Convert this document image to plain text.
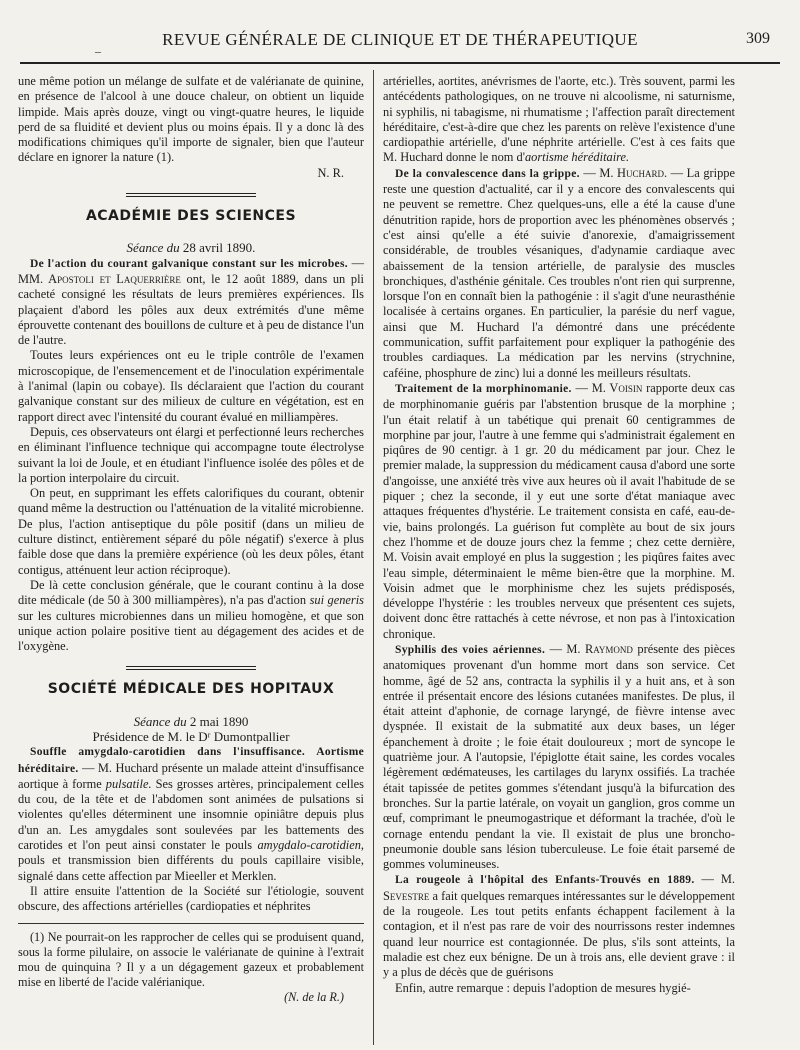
–
REVUE GÉNÉRALE DE CLINIQUE ET DE THÉRAPEUTIQUE	309

une même potion un mélange de sulfate et de valérianate de quinine, en présence de l'alcool à une douce chaleur, on obtient un liquide limpide. Mais après douze, vingt ou vingt-quatre heures, le liquide perd de sa fluidité et devient plus ou moins épais. Il y a donc là des modifications chimiques qu'il importe de signaler, bien que l'auteur déclare en ignorer la nature (1).

N. R.

ACADÉMIE DES SCIENCES

Séance du 28 avril 1890.

De l'action du courant galvanique constant sur les microbes. — MM. Apostoli et Laquerrière ont, le 12 août 1889, dans un pli cacheté consigné les résultats de leurs premières expériences. Ils plaçaient d'abord les pôles aux deux extrémités d'une même éprouvette contenant des bouillons de culture et à peu de distance l'un de l'autre.

Toutes leurs expériences ont eu le triple contrôle de l'examen microscopique, de l'ensemencement et de l'inoculation expérimentale à l'animal (lapin ou cobaye). Ils déclaraient que l'action du courant galvanique constant sur des milieux de culture en végétation, est en rapport direct avec l'intensité du courant évalué en milliampères.

Depuis, ces observateurs ont élargi et perfectionné leurs recherches en éliminant l'influence technique qui accompagne toute électrolyse suivant la loi de Joule, et en étudiant l'influence isolée des pôles et de la portion interpolaire du circuit.

On peut, en supprimant les effets calorifiques du courant, obtenir quand même la destruction ou l'atténuation de la vitalité microbienne. De plus, l'action antiseptique du pôle positif (dans un milieu de culture distinct, entièrement séparé du pôle négatif) s'exerce à plus faible dose que dans la première expérience (où les deux pôles, étant contigus, atténuent leur action réciproque).

De là cette conclusion générale, que le courant continu à la dose dite médicale (de 50 à 300 milliampères), n'a pas d'action sui generis sur les cultures microbiennes dans un milieu homogène, et que son unique action polaire positive tient au dégagement des acides et de l'oxygène.

SOCIÉTÉ MÉDICALE DES HOPITAUX

Séance du 2 mai 1890

Présidence de M. le Dʳ Dumontpallier

Souffle amygdalo-carotidien dans l'insuffisance. Aortisme héréditaire. — M. Huchard présente un malade atteint d'insuffisance aortique à forme pulsatile. Ses grosses artères, principalement celles du cou, de la tête et de l'abdomen sont animées de pulsations si violentes qu'elles déterminent une insomnie opiniâtre depuis plus d'un an. Les amygdales sont soulevées par les battements des carotides et l'on peut ainsi constater le pouls amygdalo-carotidien, pouls et transmission bien différents du pouls capillaire visible, signalé dans cette affection par Mieeller et Merklen.

Il attire ensuite l'attention de la Société sur l'étiologie, souvent obscure, des affections artérielles (cardiopaties et néphrites

(1) Ne pourrait-on les rapprocher de celles qui se produisent quand, sous la forme pilulaire, on associe le valérianate de quinine à l'extrait mou de quinquina ? Il y a un dégagement gazeux et probablement mise en liberté de l'acide valérianique.

(N. de la R.)

artérielles, aortites, anévrismes de l'aorte, etc.). Très souvent, parmi les antécédents pathologiques, on ne trouve ni alcoolisme, ni saturnisme, ni syphilis, ni tabagisme, ni rhumatisme ; l'affection paraît directement héréditaire, c'est-à-dire que chez les parents on relève l'existence d'une cardiopathie artérielle, d'une néphrite artérielle. C'est à ces faits que M. Huchard donne le nom d'aortisme héréditaire.

De la convalescence dans la grippe. — M. Huchard. — La grippe reste une question d'actualité, car il y a encore des convalescents qui ne peuvent se remettre. Chez quelques-uns, elle a été la cause d'une dénutrition rapide, hors de proportion avec les phénomènes observés ; c'est ainsi qu'elle a été suivie d'anorexie, d'amaigrissement considérable, de troubles vésaniques, d'adynamie cardiaque avec abaissement de la tension artérielle, de paralysie des muscles bronchiques, d'asthénie génitale. Ces troubles n'ont rien qui surprenne, lorsque l'on en connaît bien la pathogénie : il s'agit d'une neurasthénie localisée à certains organes. En particulier, la parésie du nerf vague, ainsi que M. Huchard l'a démontré dans une précédente communication, suffit parfaitement pour expliquer la pathogénie des troubles cardiaques. La médication par les nervins (strychnine, caféine, phosphure de zinc) lui a donné les meilleurs résultats.

Traitement de la morphinomanie. — M. Voisin rapporte deux cas de morphinomanie guéris par l'abstention brusque de la morphine ; l'un était relatif à un tabétique qui prenait 60 centigrammes de morphine par jour, l'autre à une femme qui s'administrait également en piqûres de 90 centigr. à 1 gr. 20 du médicament par jour. Chez le premier malade, la suppression du médicament causa d'abord une sorte d'angoisse, une anxiété très vive aux heures où il avait l'habitude de se piquer ; chez la seconde, il y eut une sorte d'état maniaque avec attaques fréquentes d'hystérie. Le traitement consista en café, eau-de-vie, bains prolongés. La guérison fut complète au bout de six jours chez l'homme et de douze jours chez la femme ; chez cette dernière, M. Voisin avait employé en plus la suggestion ; les piqûres faites avec l'eau simple, déterminaient le même bien-être que la morphine. M. Voisin admet que le morphinisme chez les sujets prédisposés, développe l'hystérie : les troubles nerveux que présentent ces sujets, doivent donc être rattachés à cette névrose, et non pas à l'intoxication chronique.

Syphilis des voies aériennes. — M. Raymond présente des pièces anatomiques provenant d'un homme mort dans son service. Cet homme, âgé de 52 ans, contracta la syphilis il y a huit ans, et à son entrée il présentait encore des lésions cutanées manifestes. De plus, il était atteint d'aphonie, de cornage laryngé, de fièvre intense avec dyspnée. Il existait de la submatité aux deux bases, un léger épanchement à droite ; le foie était douloureux ; mort de syncope le quatrième jour. A l'autopsie, l'épiglotte était saine, les cordes vocales légèrement œdémateuses, les cartilages du larynx ossifiés. La trachée était tapissée de petites gommes s'étendant jusqu'à la bifurcation des bronches. Sur la partie latérale, on voyait un ganglion, gros comme un œuf, comprimant le pneumogastrique et déformant la trachée, d'où le cornage entendu pendant la vie. Il existait de plus une broncho-pneumonie double sans lésion tuberculeuse. Le foie était parsemé de gommes volumineuses.

La rougeole à l'hôpital des Enfants-Trouvés en 1889. — M. Sevestre a fait quelques remarques intéressantes sur le développement de la rougeole. Les tout petits enfants échappent facilement à la contagion, et il n'est pas rare de voir des nourrissons rester indemnes quand leur nourrice est contagionnée. De plus, s'ils sont atteints, la maladie est chez eux bénigne. De un à trois ans, elle devient grave : il y a plus de décès que de guérisons

Enfin, autre remarque : depuis l'adoption de mesures hygié-
